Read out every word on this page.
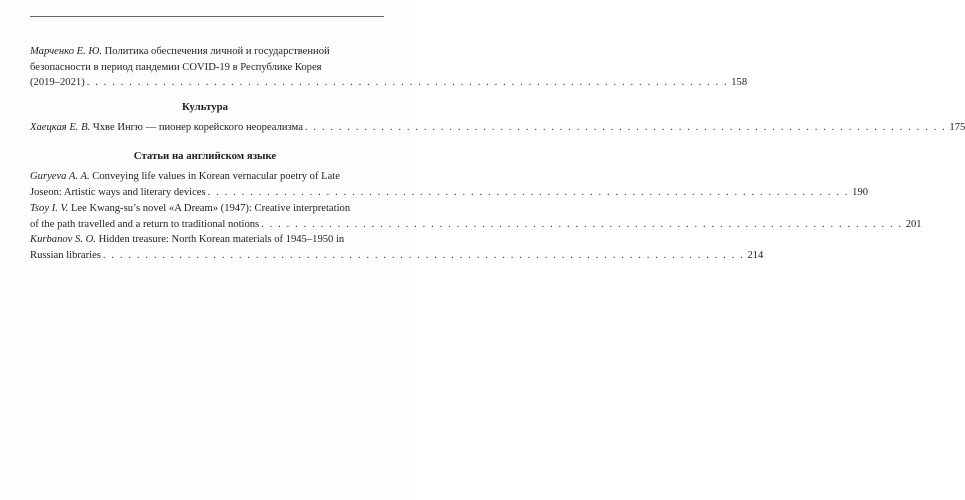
Марченко Е. Ю. Политика обеспечения личной и государственной
безопасности в период пандемии COVID-19 в Республике Корея
(2019–2021) . . . . . . . . . . . . . . . . . . . . . . . . . . . . . . . . . . . . . . . . . . . . . . . . . . . . . . . . . . . . . . . . . . . . . . . . . . . . 158
Культура
Хаецкая Е. В. Чхве Ингю — пионер корейского неореализма . . . . . . . . . . . . . . . . . . . . . . . . . . . . . . . . . . . . . . . . . . . . . . . . . . . . . . . . . . . . . . . . . . . . . . . . . . . . 175
Статьи на английском языке
Guryeva A. A. Conveying life values in Korean vernacular poetry of Late
Joseon: Artistic ways and literary devices . . . . . . . . . . . . . . . . . . . . . . . . . . . . . . . . . . . . . . . . . . . . . . . . . . . . . . . . . . . . . . . . . . . . . . . . . . . . 190
Tsoy I. V. Lee Kwang-su’s novel «A Dream» (1947): Creative interpretation
of the path travelled and a return to traditional notions . . . . . . . . . . . . . . . . . . . . . . . . . . . . . . . . . . . . . . . . . . . . . . . . . . . . . . . . . . . . . . . . . . . . . . . . . . . . 201
Kurbanov S. O. Hidden treasure: North Korean materials of 1945–1950 in
Russian libraries . . . . . . . . . . . . . . . . . . . . . . . . . . . . . . . . . . . . . . . . . . . . . . . . . . . . . . . . . . . . . . . . . . . . . . . . . . . . 214
